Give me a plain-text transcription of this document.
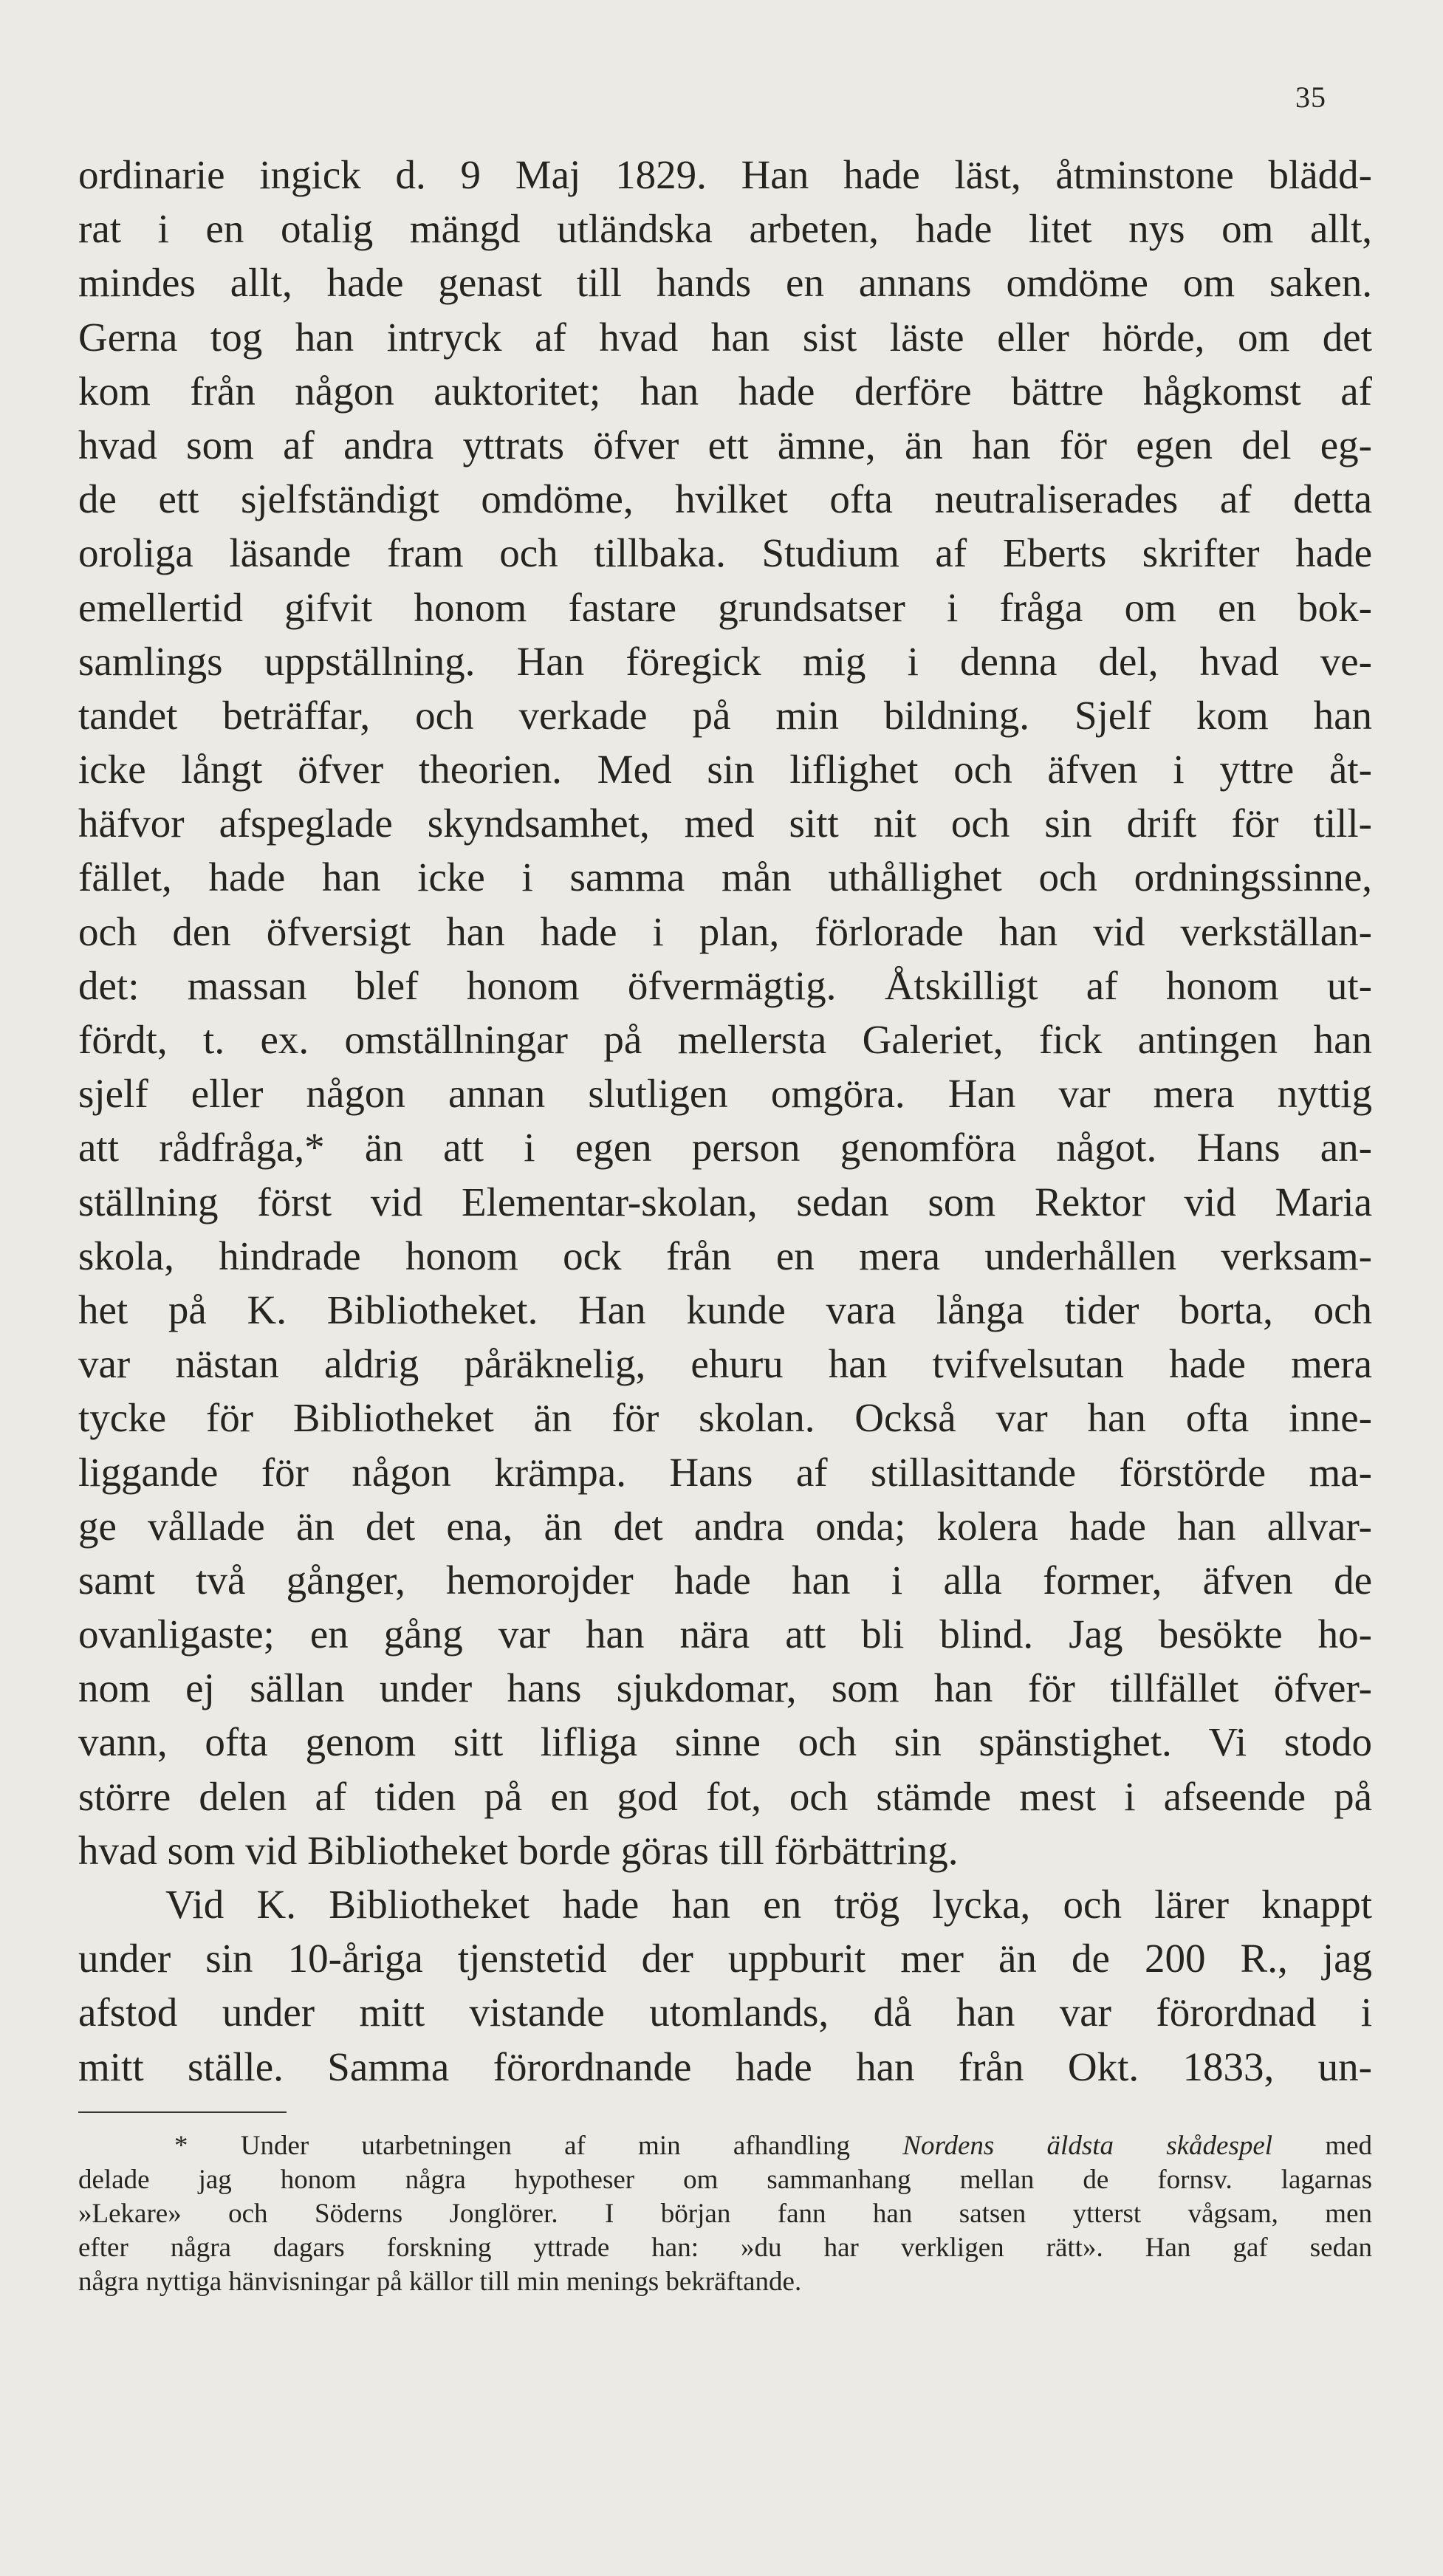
35
ordinarie ingick d. 9 Maj 1829. Han hade läst, åtminstone blädd-
rat i en otalig mängd utländska arbeten, hade litet nys om allt,
mindes allt, hade genast till hands en annans omdöme om saken.
Gerna tog han intryck af hvad han sist läste eller hörde, om det
kom från någon auktoritet; han hade derföre bättre hågkomst af
hvad som af andra yttrats öfver ett ämne, än han för egen del eg-
de ett sjelfständigt omdöme, hvilket ofta neutraliserades af detta
oroliga läsande fram och tillbaka. Studium af Eberts skrifter hade
emellertid gifvit honom fastare grundsatser i fråga om en bok-
samlings uppställning. Han föregick mig i denna del, hvad ve-
tandet beträffar, och verkade på min bildning. Sjelf kom han
icke långt öfver theorien. Med sin liflighet och äfven i yttre åt-
häfvor afspeglade skyndsamhet, med sitt nit och sin drift för till-
fället, hade han icke i samma mån uthållighet och ordningssinne,
och den öfversigt han hade i plan, förlorade han vid verkställan-
det: massan blef honom öfvermägtig. Åtskilligt af honom ut-
fördt, t. ex. omställningar på mellersta Galeriet, fick antingen han
sjelf eller någon annan slutligen omgöra. Han var mera nyttig
att rådfråga,* än att i egen person genomföra något. Hans an-
ställning först vid Elementar-skolan, sedan som Rektor vid Maria
skola, hindrade honom ock från en mera underhållen verksam-
het på K. Bibliotheket. Han kunde vara långa tider borta, och
var nästan aldrig påräknelig, ehuru han tvifvelsutan hade mera
tycke för Bibliotheket än för skolan. Också var han ofta inne-
liggande för någon krämpa. Hans af stillasittande förstörde ma-
ge vållade än det ena, än det andra onda; kolera hade han allvar-
samt två gånger, hemorojder hade han i alla former, äfven de
ovanligaste; en gång var han nära att bli blind. Jag besökte ho-
nom ej sällan under hans sjukdomar, som han för tillfället öfver-
vann, ofta genom sitt lifliga sinne och sin spänstighet. Vi stodo
större delen af tiden på en god fot, och stämde mest i afseende på
hvad som vid Bibliotheket borde göras till förbättring.
Vid K. Bibliotheket hade han en trög lycka, och lärer knappt
under sin 10-åriga tjenstetid der uppburit mer än de 200 R., jag
afstod under mitt vistande utomlands, då han var förordnad i
mitt ställe. Samma förordnande hade han från Okt. 1833, un-
* Under utarbetningen af min afhandling Nordens äldsta skådespel med
delade jag honom några hypotheser om sammanhang mellan de fornsv. lagarnas
»Lekare» och Söderns Jonglörer. I början fann han satsen ytterst vågsam, men
efter några dagars forskning yttrade han: »du har verkligen rätt». Han gaf sedan
några nyttiga hänvisningar på källor till min menings bekräftande.
